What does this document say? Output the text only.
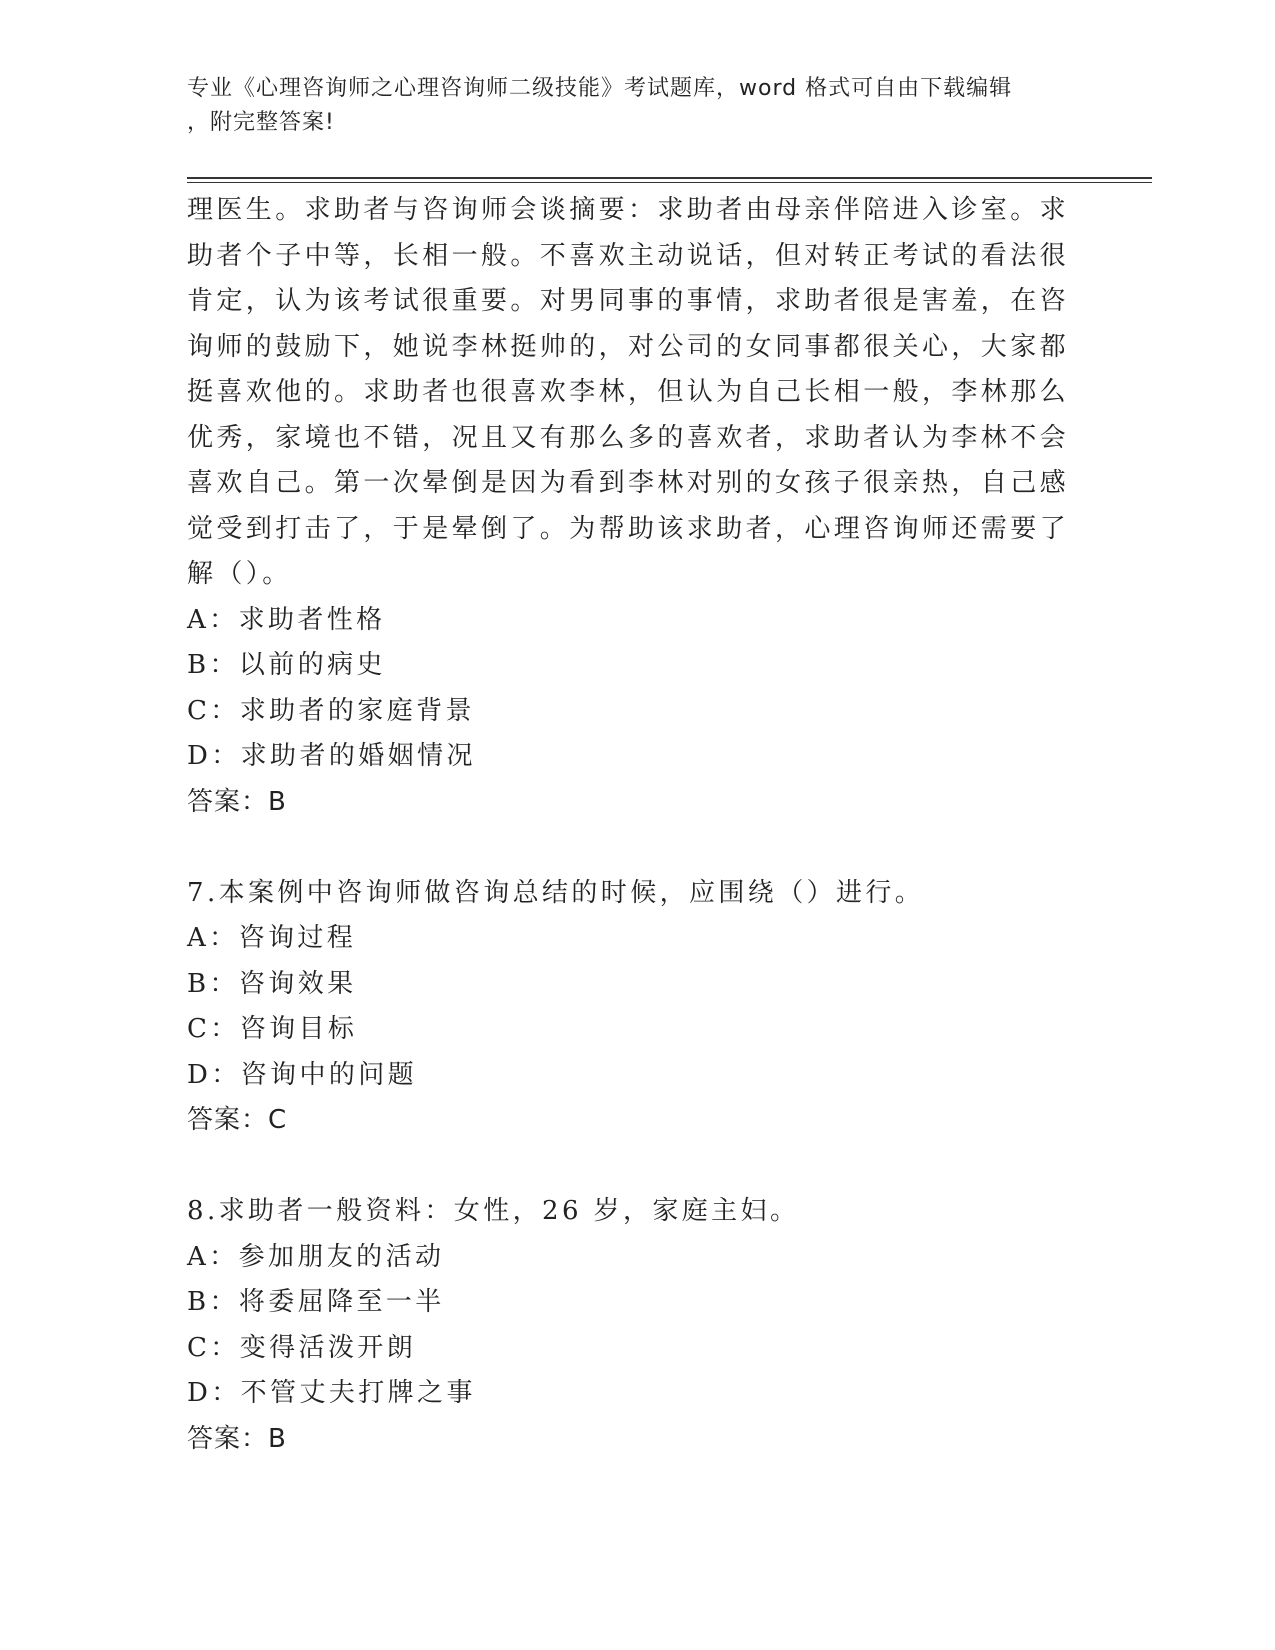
专业《心理咨询师之心理咨询师二级技能》考试题库，word 格式可自由下载编辑
，附完整答案!
理医生。求助者与咨询师会谈摘要：求助者由母亲伴陪进入诊室。求
助者个子中等，长相一般。不喜欢主动说话，但对转正考试的看法很
肯定，认为该考试很重要。对男同事的事情，求助者很是害羞，在咨
询师的鼓励下，她说李林挺帅的，对公司的女同事都很关心，大家都
挺喜欢他的。求助者也很喜欢李林，但认为自己长相一般，李林那么
优秀，家境也不错，况且又有那么多的喜欢者，求助者认为李林不会
喜欢自己。第一次晕倒是因为看到李林对别的女孩子很亲热，自己感
觉受到打击了，于是晕倒了。为帮助该求助者，心理咨询师还需要了
解（）。
A：求助者性格
B：以前的病史
C：求助者的家庭背景
D：求助者的婚姻情况
答案：B
7.本案例中咨询师做咨询总结的时候，应围绕（）进行。
A：咨询过程
B：咨询效果
C：咨询目标
D：咨询中的问题
答案：C
8.求助者一般资料：女性，26 岁，家庭主妇。
A：参加朋友的活动
B：将委屈降至一半
C：变得活泼开朗
D：不管丈夫打牌之事
答案：B
